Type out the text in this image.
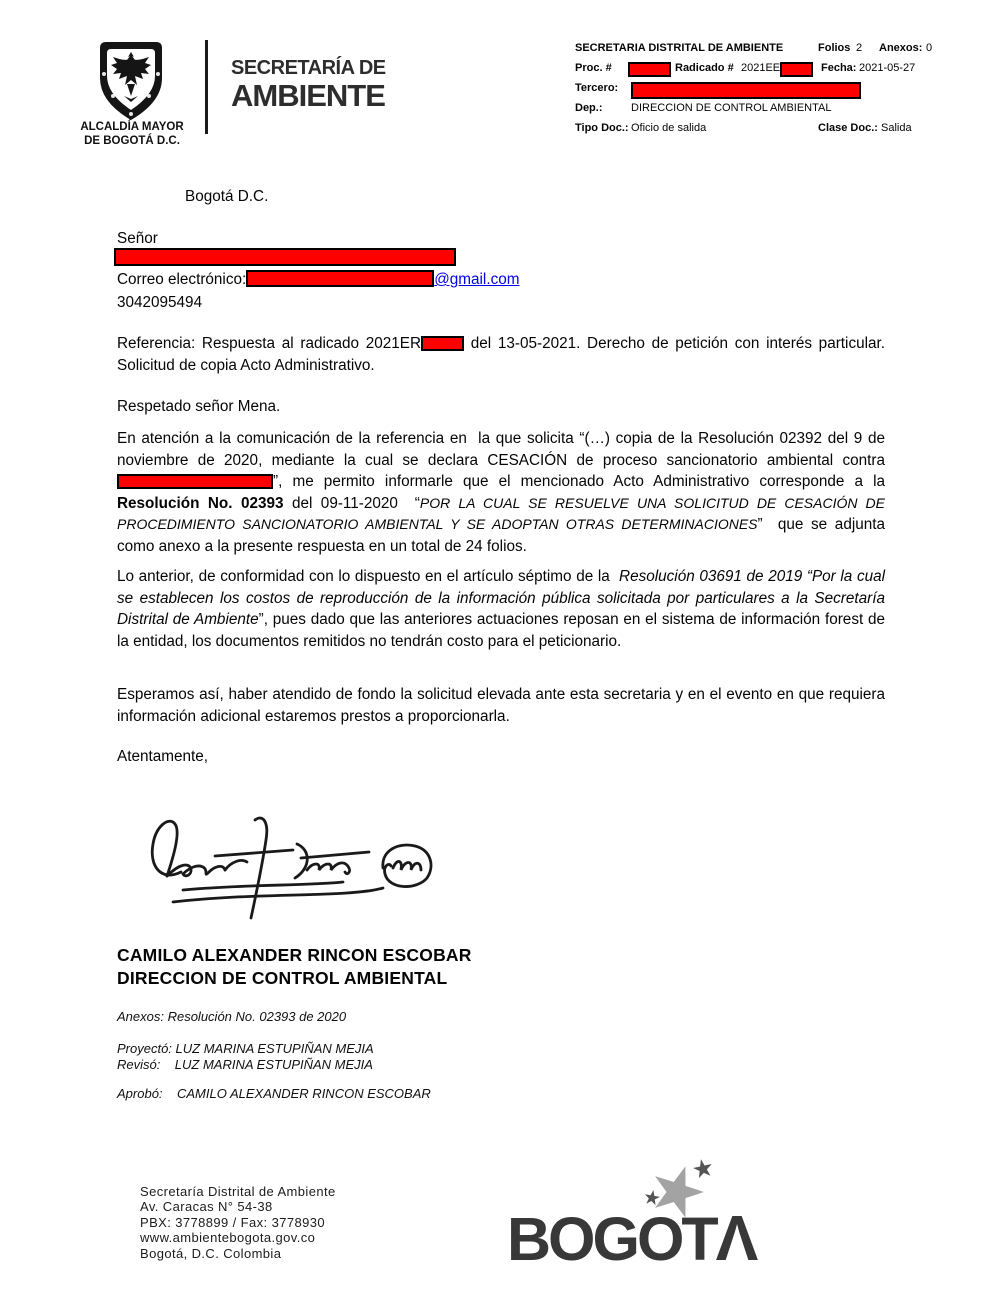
ALCALDÍA MAYOR
DE BOGOTÁ D.C.
SECRETARÍA DE
AMBIENTE
SECRETARIA DISTRITAL DE AMBIENTE	Folios 2 Anexos: 0
Proc. #	Radicado # 2021EE	Fecha: 2021-05-27
Tercero:
Dep.:	DIRECCION DE CONTROL AMBIENTAL
Tipo Doc.: Oficio de salida	Clase Doc.: Salida
Bogotá D.C.
Señor
Correo electrónico:	@gmail.com
3042095494
Referencia: Respuesta al radicado 2021ER	del 13-05-2021. Derecho de petición con interés particular. Solicitud de copia Acto Administrativo.
Respetado señor Mena.
En atención a la comunicación de la referencia en  la que solicita “(…) copia de la Resolución 02392 del 9 de noviembre de 2020, mediante la cual se declara CESACIÓN de proceso sancionatorio ambiental contra ”, me permito informarle que el mencionado Acto Administrativo corresponde a la Resolución No. 02393 del 09-11-2020  “POR LA CUAL SE RESUELVE UNA SOLICITUD DE CESACIÓN DE PROCEDIMIENTO SANCIONATORIO AMBIENTAL Y SE ADOPTAN OTRAS DETERMINACIONES”  que se adjunta como anexo a la presente respuesta en un total de 24 folios.
Lo anterior, de conformidad con lo dispuesto en el artículo séptimo de la  Resolución 03691 de 2019 “Por la cual se establecen los costos de reproducción de la información pública solicitada por particulares a la Secretaría Distrital de Ambiente”, pues dado que las anteriores actuaciones reposan en el sistema de información forest de la entidad, los documentos remitidos no tendrán costo para el peticionario.
Esperamos así, haber atendido de fondo la solicitud elevada ante esta secretaria y en el evento en que requiera información adicional estaremos prestos a proporcionarla.
Atentamente,
CAMILO ALEXANDER RINCON ESCOBAR
DIRECCION DE CONTROL AMBIENTAL
Anexos: Resolución No. 02393 de 2020
Proyectó: LUZ MARINA ESTUPIÑAN MEJIA
Revisó:    LUZ MARINA ESTUPIÑAN MEJIA
Aprobó:    CAMILO ALEXANDER RINCON ESCOBAR
Secretaría Distrital de Ambiente
Av. Caracas N° 54-38
PBX: 3778899 / Fax: 3778930
www.ambientebogota.gov.co
Bogotá, D.C. Colombia	BOGOTΛ
